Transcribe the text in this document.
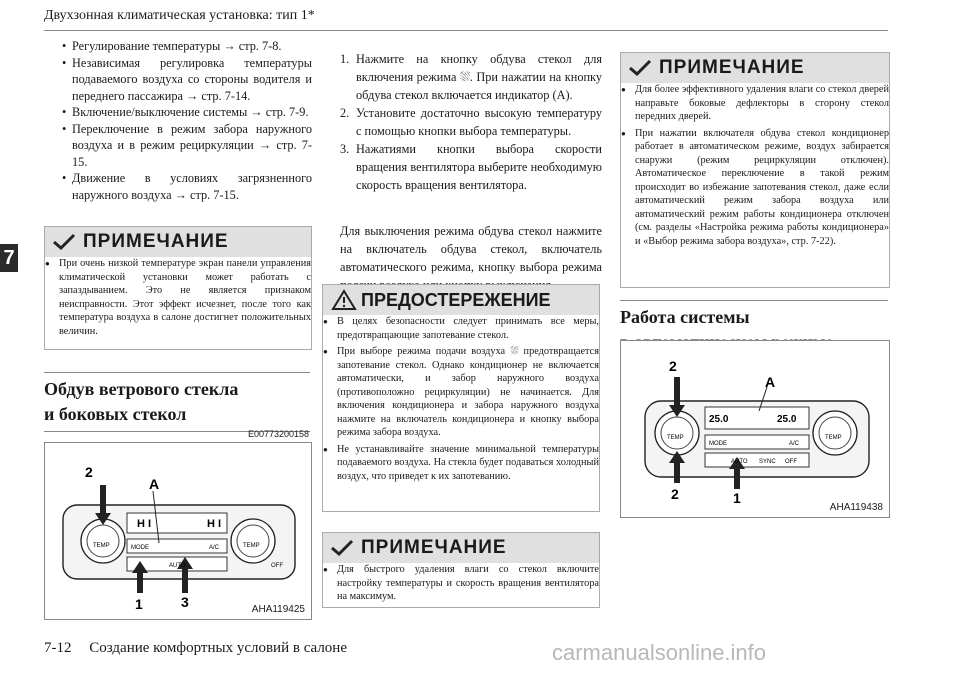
Двухзонная климатическая установка: тип 1*
7
• Регулирование температуры → стр. 7-8.
• Независимая регулировка температуры подаваемого воздуха со стороны водителя и переднего пассажира → стр. 7-14.
• Включение/выключение системы → стр. 7-9.
• Переключение в режим забора наружного воздуха и в режим рециркуляции → стр. 7-15.
• Движение в условиях загрязненного наружного воздуха → стр. 7-15.
ПРИМЕЧАНИЕ
● При очень низкой температуре экран панели управления климатической установки может работать с запаздыванием. Это не является признаком неисправности. Этот эффект исчезнет, после того как температура воздуха в салоне достигнет положительных величин.
Обдув ветрового стекла
и боковых стекол
E00773200158
2
A
1	3
H I	H I
TEMP	TEMP
MODE	A/C
AUTO	OFF
AHA119425
1. Нажмите на кнопку обдува стекол для включения режима ⛆. При нажатии на кнопку обдува стекол включается индикатор (A).
2. Установите достаточно высокую температуру с помощью кнопки выбора температуры.
3. Нажатиями кнопки выбора скорости вращения вентилятора выберите необходимую скорость вращения вентилятора.
Для выключения режима обдува стекол нажмите на включатель обдува стекол, включатель автоматического режима, кнопку выбора режима
ПРЕДОСТЕРЕЖЕНИЕ
● В целях безопасности следует принимать все меры, предотвращающие запотевание стекол.
● При выборе режима подачи воздуха ⛆ предотвращается запотевание стекол. Однако кондиционер не включается автоматически, и забор наружного воздуха (противоположно рециркуляции) не начинается. Для включения кондиционера и забора наружного воздуха нажмите на включатель кондиционера и кнопку выбора режима забора воздуха.
● Не устанавливайте значение минимальной температуры подаваемого воздуха. На стекла будет подаваться холодный воздух, что приведет к их запотеванию.
ПРИМЕЧАНИЕ
● Для быстрого удаления влаги со стекол включите настройку температуры и скорость вращения вентилятора на максимум.
ПРИМЕЧАНИЕ
● Для более эффективного удаления влаги со стекол дверей направьте боковые дефлекторы в сторону стекол передних дверей.
● При нажатии включателя обдува стекол кондиционер работает в автоматическом режиме, воздух забирается снаружи (режим рециркуляции отключен). Автоматическое переключение в такой режим происходит во избежание запотевания стекол, даже если автоматический режим забора воздуха или автоматический режим работы кондиционера отключен (см. разделы «Настройка режима работы кондиционера» и «Выбор режима забора воздуха», стр. 7-22).
Работа системы
2
A
2	1
25.0	25.0
TEMP	TEMP
MODE	A/C
AUTO SYNC OFF
AHA119438
7-12 Создание комфортных условий в салоне	carmanualsonline.info
